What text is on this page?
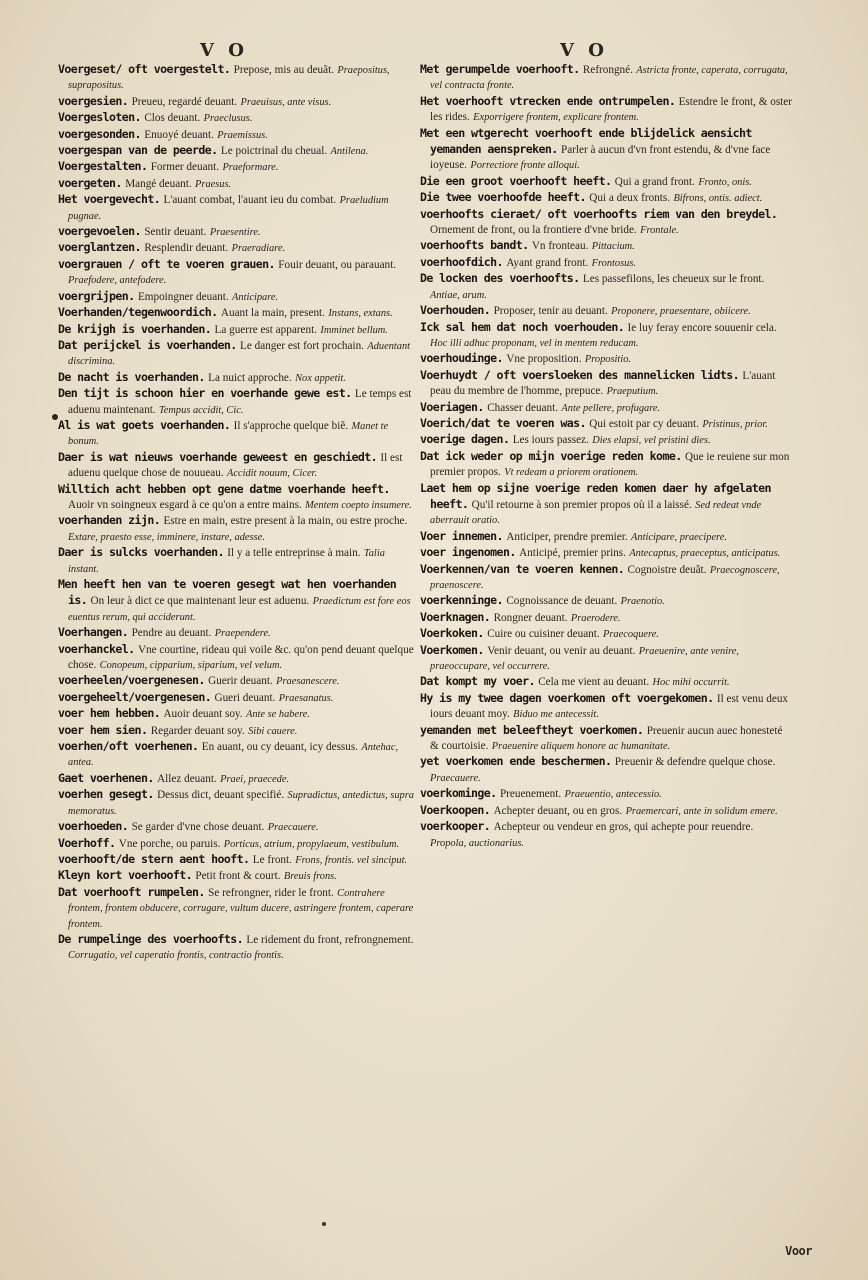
V O	V O
Voergeset/ oft voergestelt. Prepose, mis au deuãt. Praepositus, suprapositus.
voergesien. Preueu, regardé deuant. Praeuisus, ante visus.
Voergesloten. Clos deuant. Praeclusus.
voergesonden. Enuoyé deuant. Praemissus.
voergespan van de peerde. Le poictrinal du cheual. Antilena.
Voergestalten. Former deuant. Praeformare.
voergeten. Mangé deuant. Praesus.
Het voergevecht. L'auant combat, l'auant ieu du combat. Praeludium pugnae.
voergevoelen. Sentir deuant. Praesentire.
voerglantzen. Resplendir deuant. Praeradiare.
voergrauen / oft te voeren grauen. Fouir deuant, ou parauant. Praefodere, antefodere.
voergrijpen. Empoingner deuant. Anticipare.
Voerhanden/tegenwoordich. Auant la main, present. Instans, extans.
De krijgh is voerhanden. La guerre est apparent. Imminet bellum.
Dat perijckel is voerhanden. Le danger est fort prochain. Aduentant discrimina.
De nacht is voerhanden. La nuict approche. Nox appetit.
Den tijt is schoon hier en voerhande gewe est. Le temps est aduenu maintenant. Tempus accidit, Cic.
Al is wat goets voerhanden. Il s'approche quelque biẽ. Manet te bonum.
Daer is wat nieuws voerhande geweest en geschiedt. Il est aduenu quelque chose de nouueau. Accidit nouum, Cicer.
Willtich acht hebben opt gene datme voerhande heeft. Auoir vn soingneux esgard à ce qu'on a entre mains. Mentem coepto insumere.
voerhanden zijn. Estre en main, estre present à la main, ou estre proche. Extare, praesto esse, imminere, instare, adesse.
Daer is sulcks voerhanden. Il y a telle entreprinse à main. Talia instant.
Men heeft hen van te voeren gesegt wat hen voerhanden is. On leur à dict ce que maintenant leur est aduenu. Praedictum est fore eos euentus rerum, qui acciderunt.
Voerhangen. Pendre au deuant. Praependere.
voerhanckel. Vne courtine, rideau qui voile &c. qu'on pend deuant quelque chose. Conopeum, cipparium, siparium, vel velum.
voerheelen/voergenesen. Guerir deuant. Praesanescere.
voergeheelt/voergenesen. Gueri deuant. Praesanatus.
voer hem hebben. Auoir deuant soy. Ante se habere.
voer hem sien. Regarder deuant soy. Sibi cauere.
voerhen/oft voerhenen. En auant, ou cy deuant, icy dessus. Antehac, antea.
Gaet voerhenen. Allez deuant. Praei, praecede.
voerhen gesegt. Dessus dict, deuant specifié. Supradictus, antedictus, supra memoratus.
voerhoeden. Se garder d'vne chose deuant. Praecauere.
Voerhoff. Vne porche, ou paruis. Porticus, atrium, propylaeum, vestibulum.
voerhooft/de stern aent hooft. Le front. Frons, frontis. vel sinciput.
Kleyn kort voerhooft. Petit front & court. Breuis frons.
Dat voerhooft rumpelen. Se refrongner, rider le front. Contrahere frontem, frontem obducere, corrugare, vultum ducere, astringere frontem, caperare frontem.
De rumpelinge des voerhoofts. Le ridement du front, refrongnement. Corrugatio, vel caperatio frontis, contractio frontis.
Met gerumpelde voerhooft. Refrongné. Astricta fronte, caperata, corrugata, vel contracta fronte.
Het voerhooft vtrecken ende ontrumpelen. Estendre le front, & oster les rides. Exporrigere frontem, explicare frontem.
Met een wtgerecht voerhooft ende blijdelick aensicht yemanden aenspreken. Parler à aucun d'vn front estendu, & d'vne face ioyeuse. Porrectiore fronte alloqui.
Die een groot voerhooft heeft. Qui a grand front. Fronto, onis.
Die twee voerhoofde heeft. Qui a deux fronts. Bifrons, ontis. adiect.
voerhoofts cieraet/ oft voerhoofts riem van den breydel. Ornement de front, ou la frontiere d'vne bride. Frontale.
voerhoofts bandt. Vn fronteau. Pittacium.
voerhoofdich. Ayant grand front. Frontosus.
De locken des voerhoofts. Les passefilons, les cheueux sur le front. Antiae, arum.
Voerhouden. Proposer, tenir au deuant. Proponere, praesentare, obiicere.
Ick sal hem dat noch voerhouden. Ie luy feray encore souuenir cela. Hoc illi adhuc proponam, vel in mentem reducam.
voerhoudinge. Vne proposition. Propositio.
Voerhuydt / oft voersloeken des mannelicken lidts. L'auant peau du membre de l'homme, prepuce. Praeputium.
Voeriagen. Chasser deuant. Ante pellere, profugare.
Voerich/dat te voeren was. Qui estoit par cy deuant. Pristinus, prior.
voerige dagen. Les iours passez. Dies elapsi, vel pristini dies.
Dat ick weder op mijn voerige reden kome. Que ie reuiene sur mon premier propos. Vt redeam a priorem orationem.
Laet hem op sijne voerige reden komen daer hy afgelaten heeft. Qu'il retourne à son premier propos où il a laissé. Sed redeat vnde aberrauit oratio.
Voer innemen. Anticiper, prendre premier. Anticipare, praecipere.
voer ingenomen. Anticipé, premier prins. Antecaptus, praeceptus, anticipatus.
Voerkennen/van te voeren kennen. Cognoistre deuãt. Praecognoscere, praenoscere.
voerkenninge. Cognoissance de deuant. Praenotio.
Voerknagen. Rongner deuant. Praerodere.
Voerkoken. Cuire ou cuisiner deuant. Praecoquere.
Voerkomen. Venir deuant, ou venir au deuant. Praeuenire, ante venire, praeoccupare, vel occurrere.
Dat kompt my voer. Cela me vient au deuant. Hoc mihi occurrit.
Hy is my twee dagen voerkomen oft voergekomen. Il est venu deux iours deuant moy. Biduo me antecessit.
yemanden met beleeftheyt voerkomen. Preuenir aucun auec honesteté & courtoisie. Praeuenire aliquem honore ac humanitate.
yet voerkomen ende beschermen. Preuenir & defendre quelque chose. Praecauere.
voerkominge. Preuenement. Praeuentio, antecessio.
Voerkoopen. Achepter deuant, ou en gros. Praemercari, ante in solidum emere.
voerkooper. Achepteur ou vendeur en gros, qui achepte pour reuendre. Propola, auctionarius.
Voor
